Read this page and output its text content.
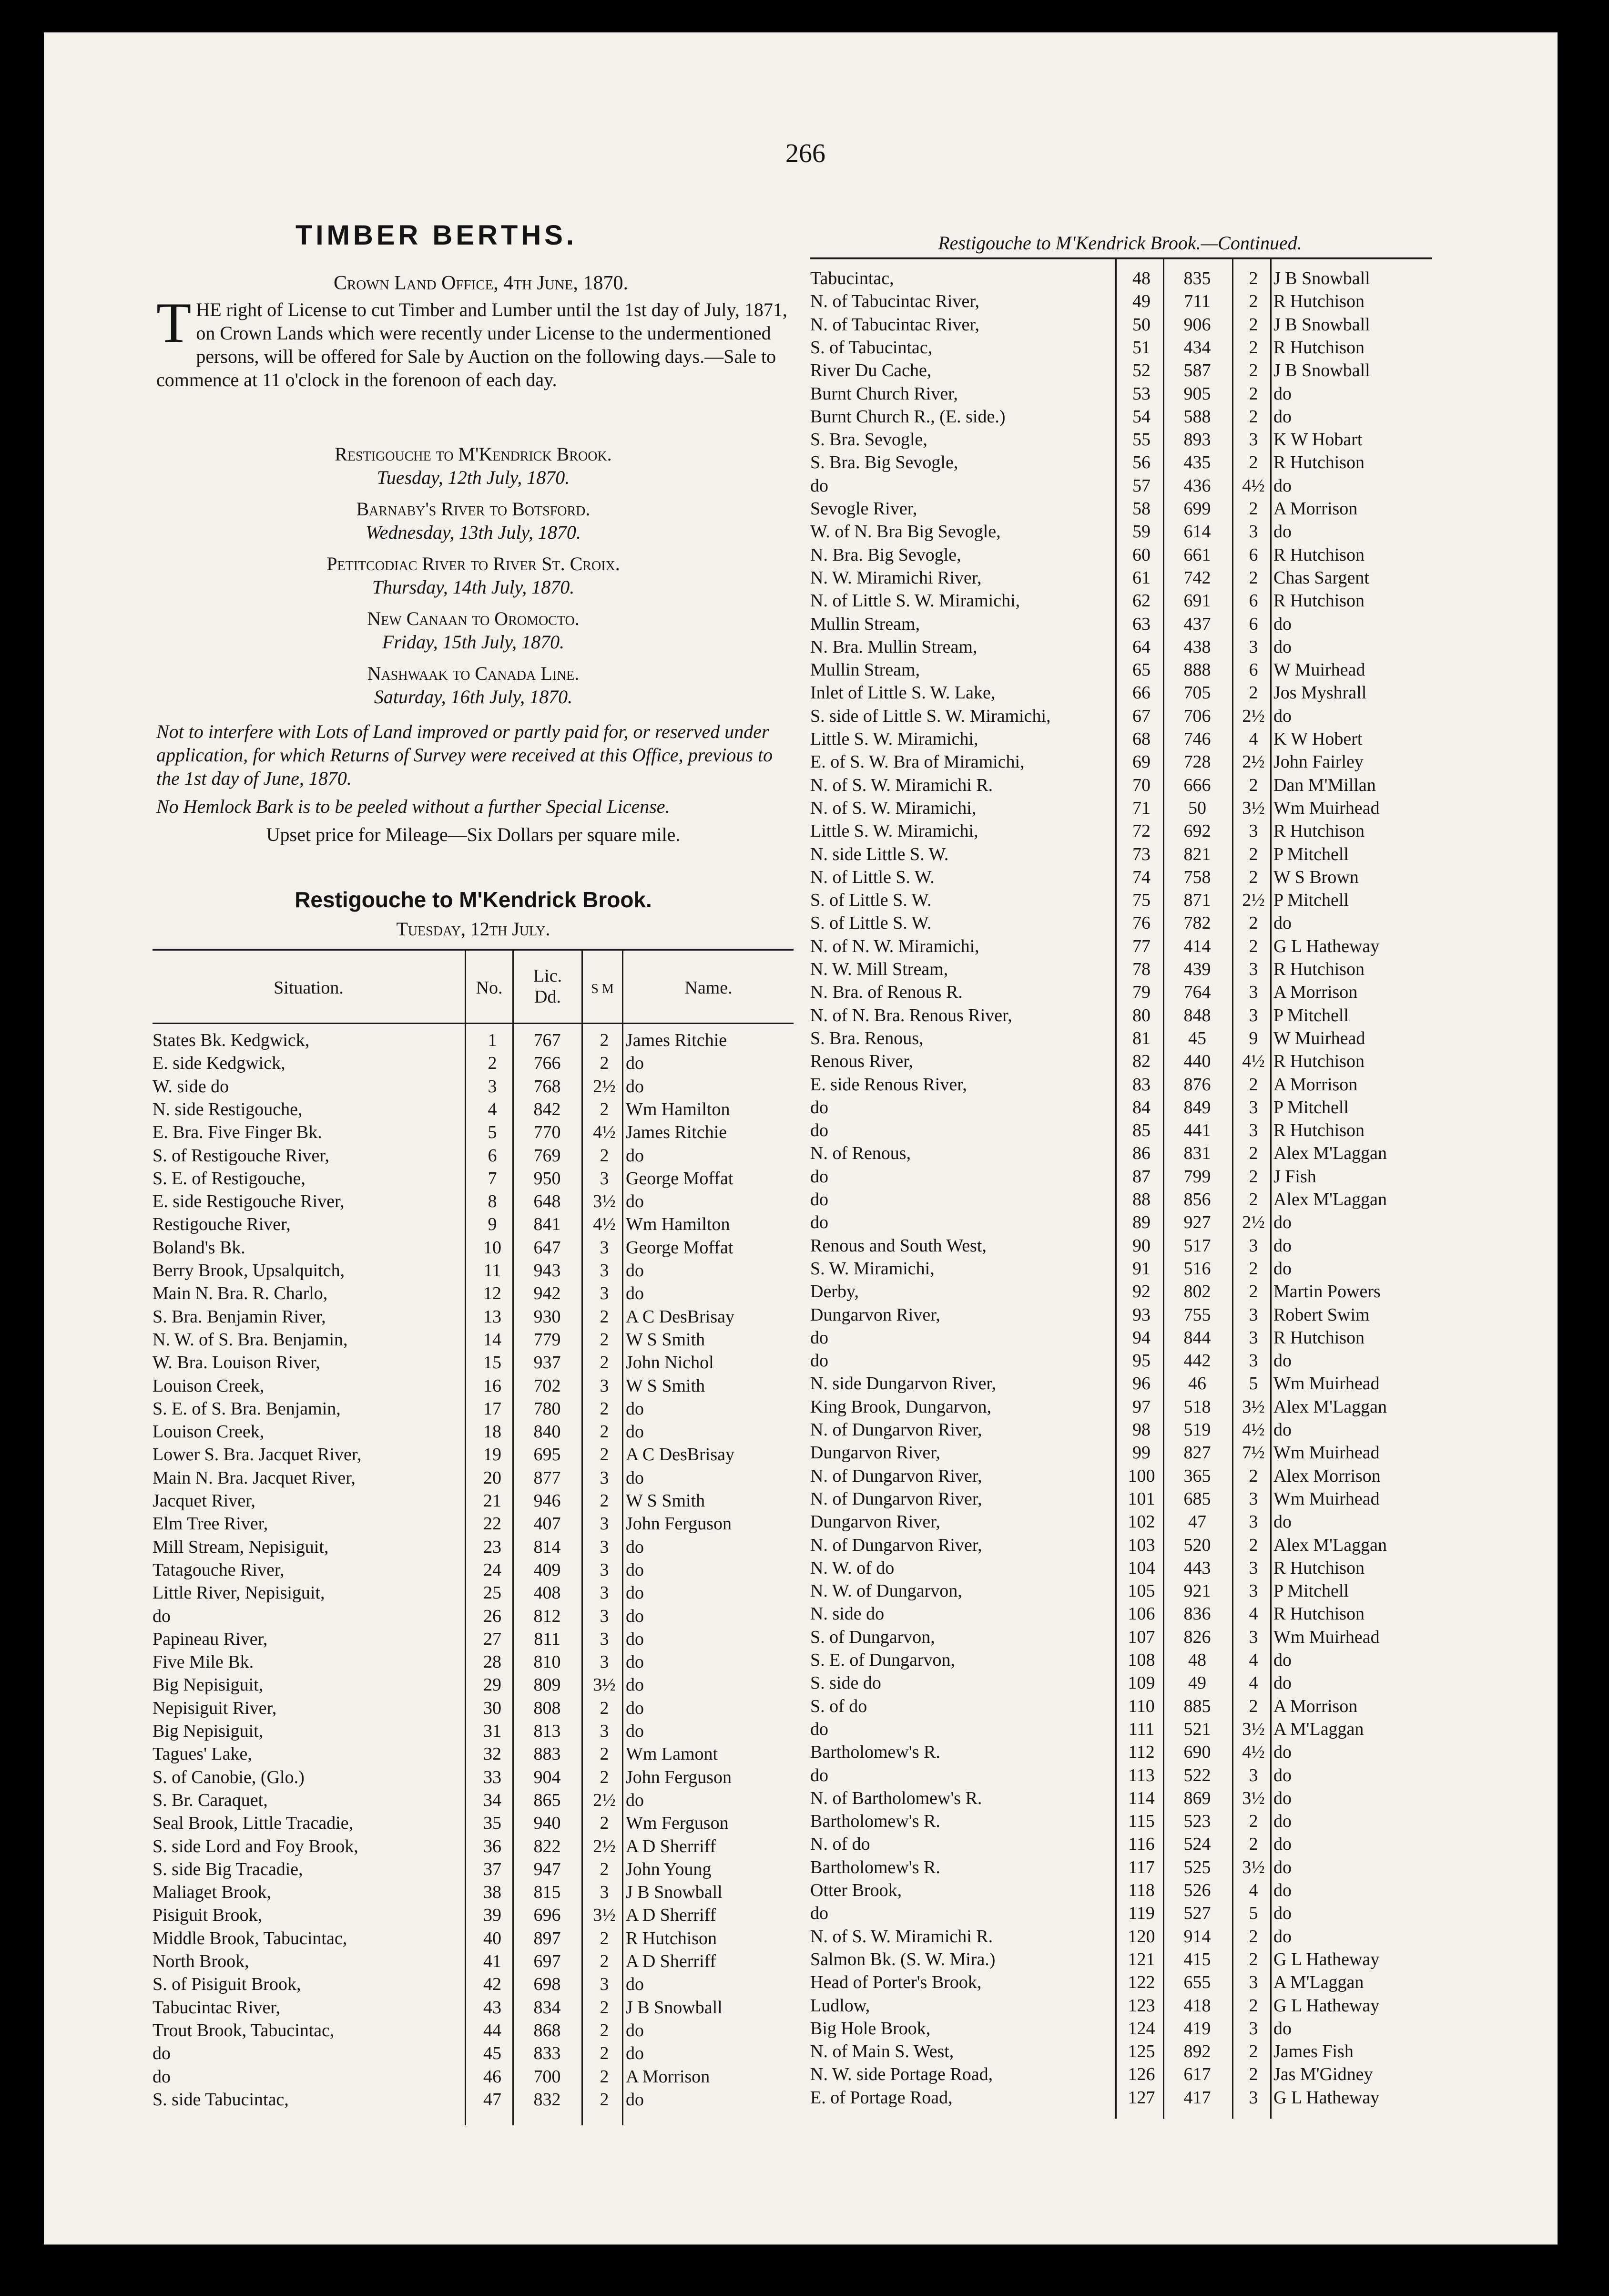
266
TIMBER BERTHS.
Crown Land Office, 4th June, 1870.
THE right of License to cut Timber and Lumber until the 1st day of July, 1871, on Crown Lands which were recently under License to the undermentioned persons, will be offered for Sale by Auction on the following days.—Sale to commence at 11 o'clock in the forenoon of each day.
Restigouche to M'Kendrick Brook.
Tuesday, 12th July, 1870.
Barnaby's River to Botsford.
Wednesday, 13th July, 1870.
Petitcodiac River to River St. Croix.
Thursday, 14th July, 1870.
New Canaan to Oromocto.
Friday, 15th July, 1870.
Nashwaak to Canada Line.
Saturday, 16th July, 1870.
Not to interfere with Lots of Land improved or partly paid for, or reserved under application, for which Returns of Survey were received at this Office, previous to the 1st day of June, 1870.
No Hemlock Bark is to be peeled without a further Special License.
Upset price for Mileage—Six Dollars per square mile.
Restigouche to M'Kendrick Brook.
Tuesday, 12th July.
Restigouche to M'Kendrick Brook.—Continued.
Situation.	No.
Lic.
Dd.	S M	Name.
States Bk. Kedgwick,	1	767	2 James Ritchie
E. side Kedgwick,	2	766	2 do
W. side do	3	768	2½ do
N. side Restigouche,	4	842	2 Wm Hamilton
E. Bra. Five Finger Bk.	5	770	4½ James Ritchie
S. of Restigouche River,	6	769	2 do
S. E. of Restigouche,	7	950	3 George Moffat
E. side Restigouche River,	8	648	3½ do
Restigouche River,	9	841	4½ Wm Hamilton
Boland's Bk.	10	647	3 George Moffat
Berry Brook, Upsalquitch,	11	943	3 do
Main N. Bra. R. Charlo,	12	942	3 do
S. Bra. Benjamin River,	13	930	2 A C DesBrisay
N. W. of S. Bra. Benjamin,	14	779	2 W S Smith
W. Bra. Louison River,	15	937	2 John Nichol
Louison Creek,	16	702	3 W S Smith
S. E. of S. Bra. Benjamin,	17	780	2 do
Louison Creek,	18	840	2 do
Lower S. Bra. Jacquet River,	19	695	2 A C DesBrisay
Main N. Bra. Jacquet River,	20	877	3 do
Jacquet River,	21	946	2 W S Smith
Elm Tree River,	22	407	3 John Ferguson
Mill Stream, Nepisiguit,	23	814	3 do
Tatagouche River,	24	409	3 do
Little River, Nepisiguit,	25	408	3 do
do	26	812	3 do
Papineau River,	27	811	3 do
Five Mile Bk.	28	810	3 do
Big Nepisiguit,	29	809	3½ do
Nepisiguit River,	30	808	2 do
Big Nepisiguit,	31	813	3 do
Tagues' Lake,	32	883	2 Wm Lamont
S. of Canobie, (Glo.)	33	904	2 John Ferguson
S. Br. Caraquet,	34	865	2½ do
Seal Brook, Little Tracadie,	35	940	2 Wm Ferguson
S. side Lord and Foy Brook,	36	822	2½ A D Sherriff
S. side Big Tracadie,	37	947	2 John Young
Maliaget Brook,	38	815	3 J B Snowball
Pisiguit Brook,	39	696	3½ A D Sherriff
Middle Brook, Tabucintac,	40	897	2 R Hutchison
North Brook,	41	697	2 A D Sherriff
S. of Pisiguit Brook,	42	698	3 do
Tabucintac River,	43	834	2 J B Snowball
Trout Brook, Tabucintac,	44	868	2 do
do	45	833	2 do
do	46	700	2 A Morrison
S. side Tabucintac,	47	832	2 do
Tabucintac,	48	835	2 J B Snowball
N. of Tabucintac River,	49	711	2 R Hutchison
N. of Tabucintac River,	50	906	2 J B Snowball
S. of Tabucintac,	51	434	2 R Hutchison
River Du Cache,	52	587	2 J B Snowball
Burnt Church River,	53	905	2 do
Burnt Church R., (E. side.)	54	588	2 do
S. Bra. Sevogle,	55	893	3 K W Hobart
S. Bra. Big Sevogle,	56	435	2 R Hutchison
do	57	436	4½ do
Sevogle River,	58	699	2 A Morrison
W. of N. Bra Big Sevogle,	59	614	3 do
N. Bra. Big Sevogle,	60	661	6 R Hutchison
N. W. Miramichi River,	61	742	2 Chas Sargent
N. of Little S. W. Miramichi,	62	691	6 R Hutchison
Mullin Stream,	63	437	6 do
N. Bra. Mullin Stream,	64	438	3 do
Mullin Stream,	65	888	6 W Muirhead
Inlet of Little S. W. Lake,	66	705	2 Jos Myshrall
S. side of Little S. W. Miramichi,	67	706	2½ do
Little S. W. Miramichi,	68	746	4 K W Hobert
E. of S. W. Bra of Miramichi,	69	728	2½ John Fairley
N. of S. W. Miramichi R.	70	666	2 Dan M'Millan
N. of S. W. Miramichi,	71	50	3½ Wm Muirhead
Little S. W. Miramichi,	72	692	3 R Hutchison
N. side Little S. W.	73	821	2 P Mitchell
N. of Little S. W.	74	758	2 W S Brown
S. of Little S. W.	75	871	2½ P Mitchell
S. of Little S. W.	76	782	2 do
N. of N. W. Miramichi,	77	414	2 G L Hatheway
N. W. Mill Stream,	78	439	3 R Hutchison
N. Bra. of Renous R.	79	764	3 A Morrison
N. of N. Bra. Renous River,	80	848	3 P Mitchell
S. Bra. Renous,	81	45	9 W Muirhead
Renous River,	82	440	4½ R Hutchison
E. side Renous River,	83	876	2 A Morrison
do	84	849	3 P Mitchell
do	85	441	3 R Hutchison
N. of Renous,	86	831	2 Alex M'Laggan
do	87	799	2 J Fish
do	88	856	2 Alex M'Laggan
do	89	927	2½ do
Renous and South West,	90	517	3 do
S. W. Miramichi,	91	516	2 do
Derby,	92	802	2 Martin Powers
Dungarvon River,	93	755	3 Robert Swim
do	94	844	3 R Hutchison
do	95	442	3 do
N. side Dungarvon River,	96	46	5 Wm Muirhead
King Brook, Dungarvon,	97	518	3½ Alex M'Laggan
N. of Dungarvon River,	98	519	4½ do
Dungarvon River,	99	827	7½ Wm Muirhead
N. of Dungarvon River,	100	365	2 Alex Morrison
N. of Dungarvon River,	101	685	3 Wm Muirhead
Dungarvon River,	102	47	3 do
N. of Dungarvon River,	103	520	2 Alex M'Laggan
N. W. of do	104	443	3 R Hutchison
N. W. of Dungarvon,	105	921	3 P Mitchell
N. side do	106	836	4 R Hutchison
S. of Dungarvon,	107	826	3 Wm Muirhead
S. E. of Dungarvon,	108	48	4 do
S. side do	109	49	4 do
S. of do	110	885	2 A Morrison
do	111	521	3½ A M'Laggan
Bartholomew's R.	112	690	4½ do
do	113	522	3 do
N. of Bartholomew's R.	114	869	3½ do
Bartholomew's R.	115	523	2 do
N. of do	116	524	2 do
Bartholomew's R.	117	525	3½ do
Otter Brook,	118	526	4 do
do	119	527	5 do
N. of S. W. Miramichi R.	120	914	2 do
Salmon Bk. (S. W. Mira.)	121	415	2 G L Hatheway
Head of Porter's Brook,	122	655	3 A M'Laggan
Ludlow,	123	418	2 G L Hatheway
Big Hole Brook,	124	419	3 do
N. of Main S. West,	125	892	2 James Fish
N. W. side Portage Road,	126	617	2 Jas M'Gidney
E. of Portage Road,	127	417	3 G L Hatheway
